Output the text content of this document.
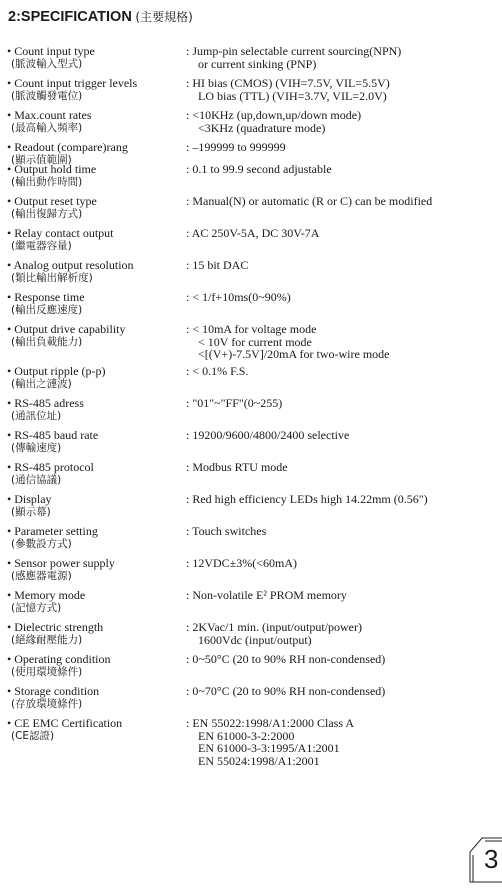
2:SPECIFICATION (主要規格)
• Count input type
(脈波輸入型式)
: Jump-pin selectable current sourcing(NPN)
or current sinking (PNP)
• Count input trigger levels
(脈波觸發電位)
: HI bias (CMOS) (VIH=7.5V, VIL=5.5V)
LO bias (TTL) (VIH=3.7V, VIL=2.0V)
• Max.count rates
(最高輸入頻率)
: <10KHz (up,down,up/down mode)
<3KHz (quadrature mode)
• Readout (compare)rang
(顯示值範圍)
: –199999 to 999999
• Output hold time
(輸出動作時間)
: 0.1 to 99.9 second adjustable
• Output reset type
(輸出復歸方式)
: Manual(N) or automatic (R or C) can be modified
• Relay contact output
(繼電器容量)
: AC 250V-5A, DC 30V-7A
• Analog output resolution
(類比輸出解析度)
: 15 bit DAC
• Response time
(輸出反應速度)
: < 1/f+10ms(0~90%)
• Output drive capability
(輸出負載能力)
: < 10mA for voltage mode
< 10V for current mode
<[(V+)-7.5V]/20mA for two-wire mode
• Output ripple (p-p)
(輸出之漣波)
: < 0.1% F.S.
• RS-485 adress
(通訊位址)
: "01"~"FF"(0~255)
• RS-485 baud rate
(傳輸速度)
: 19200/9600/4800/2400 selective
• RS-485 protocol
(通信協議)
: Modbus RTU mode
• Display
(顯示幕)
: Red high efficiency LEDs high 14.22mm (0.56")
• Parameter setting
(參數設方式)
: Touch switches
• Sensor power supply
(感應器電源)
: 12VDC±3%(<60mA)
• Memory mode
(記憶方式)
: Non-volatile E² PROM memory
• Dielectric strength
(絕緣耐壓能力)
: 2KVac/1 min. (input/output/power)
1600Vdc (input/output)
• Operating condition
(使用環境條件)
: 0~50°C (20 to 90% RH non-condensed)
• Storage condition
(存放環境條件)
: 0~70°C (20 to 90% RH non-condensed)
• CE EMC Certification
(CE認證)
: EN 55022:1998/A1:2000 Class A
EN 61000-3-2:2000
EN 61000-3-3:1995/A1:2001
EN 55024:1998/A1:2001
3
